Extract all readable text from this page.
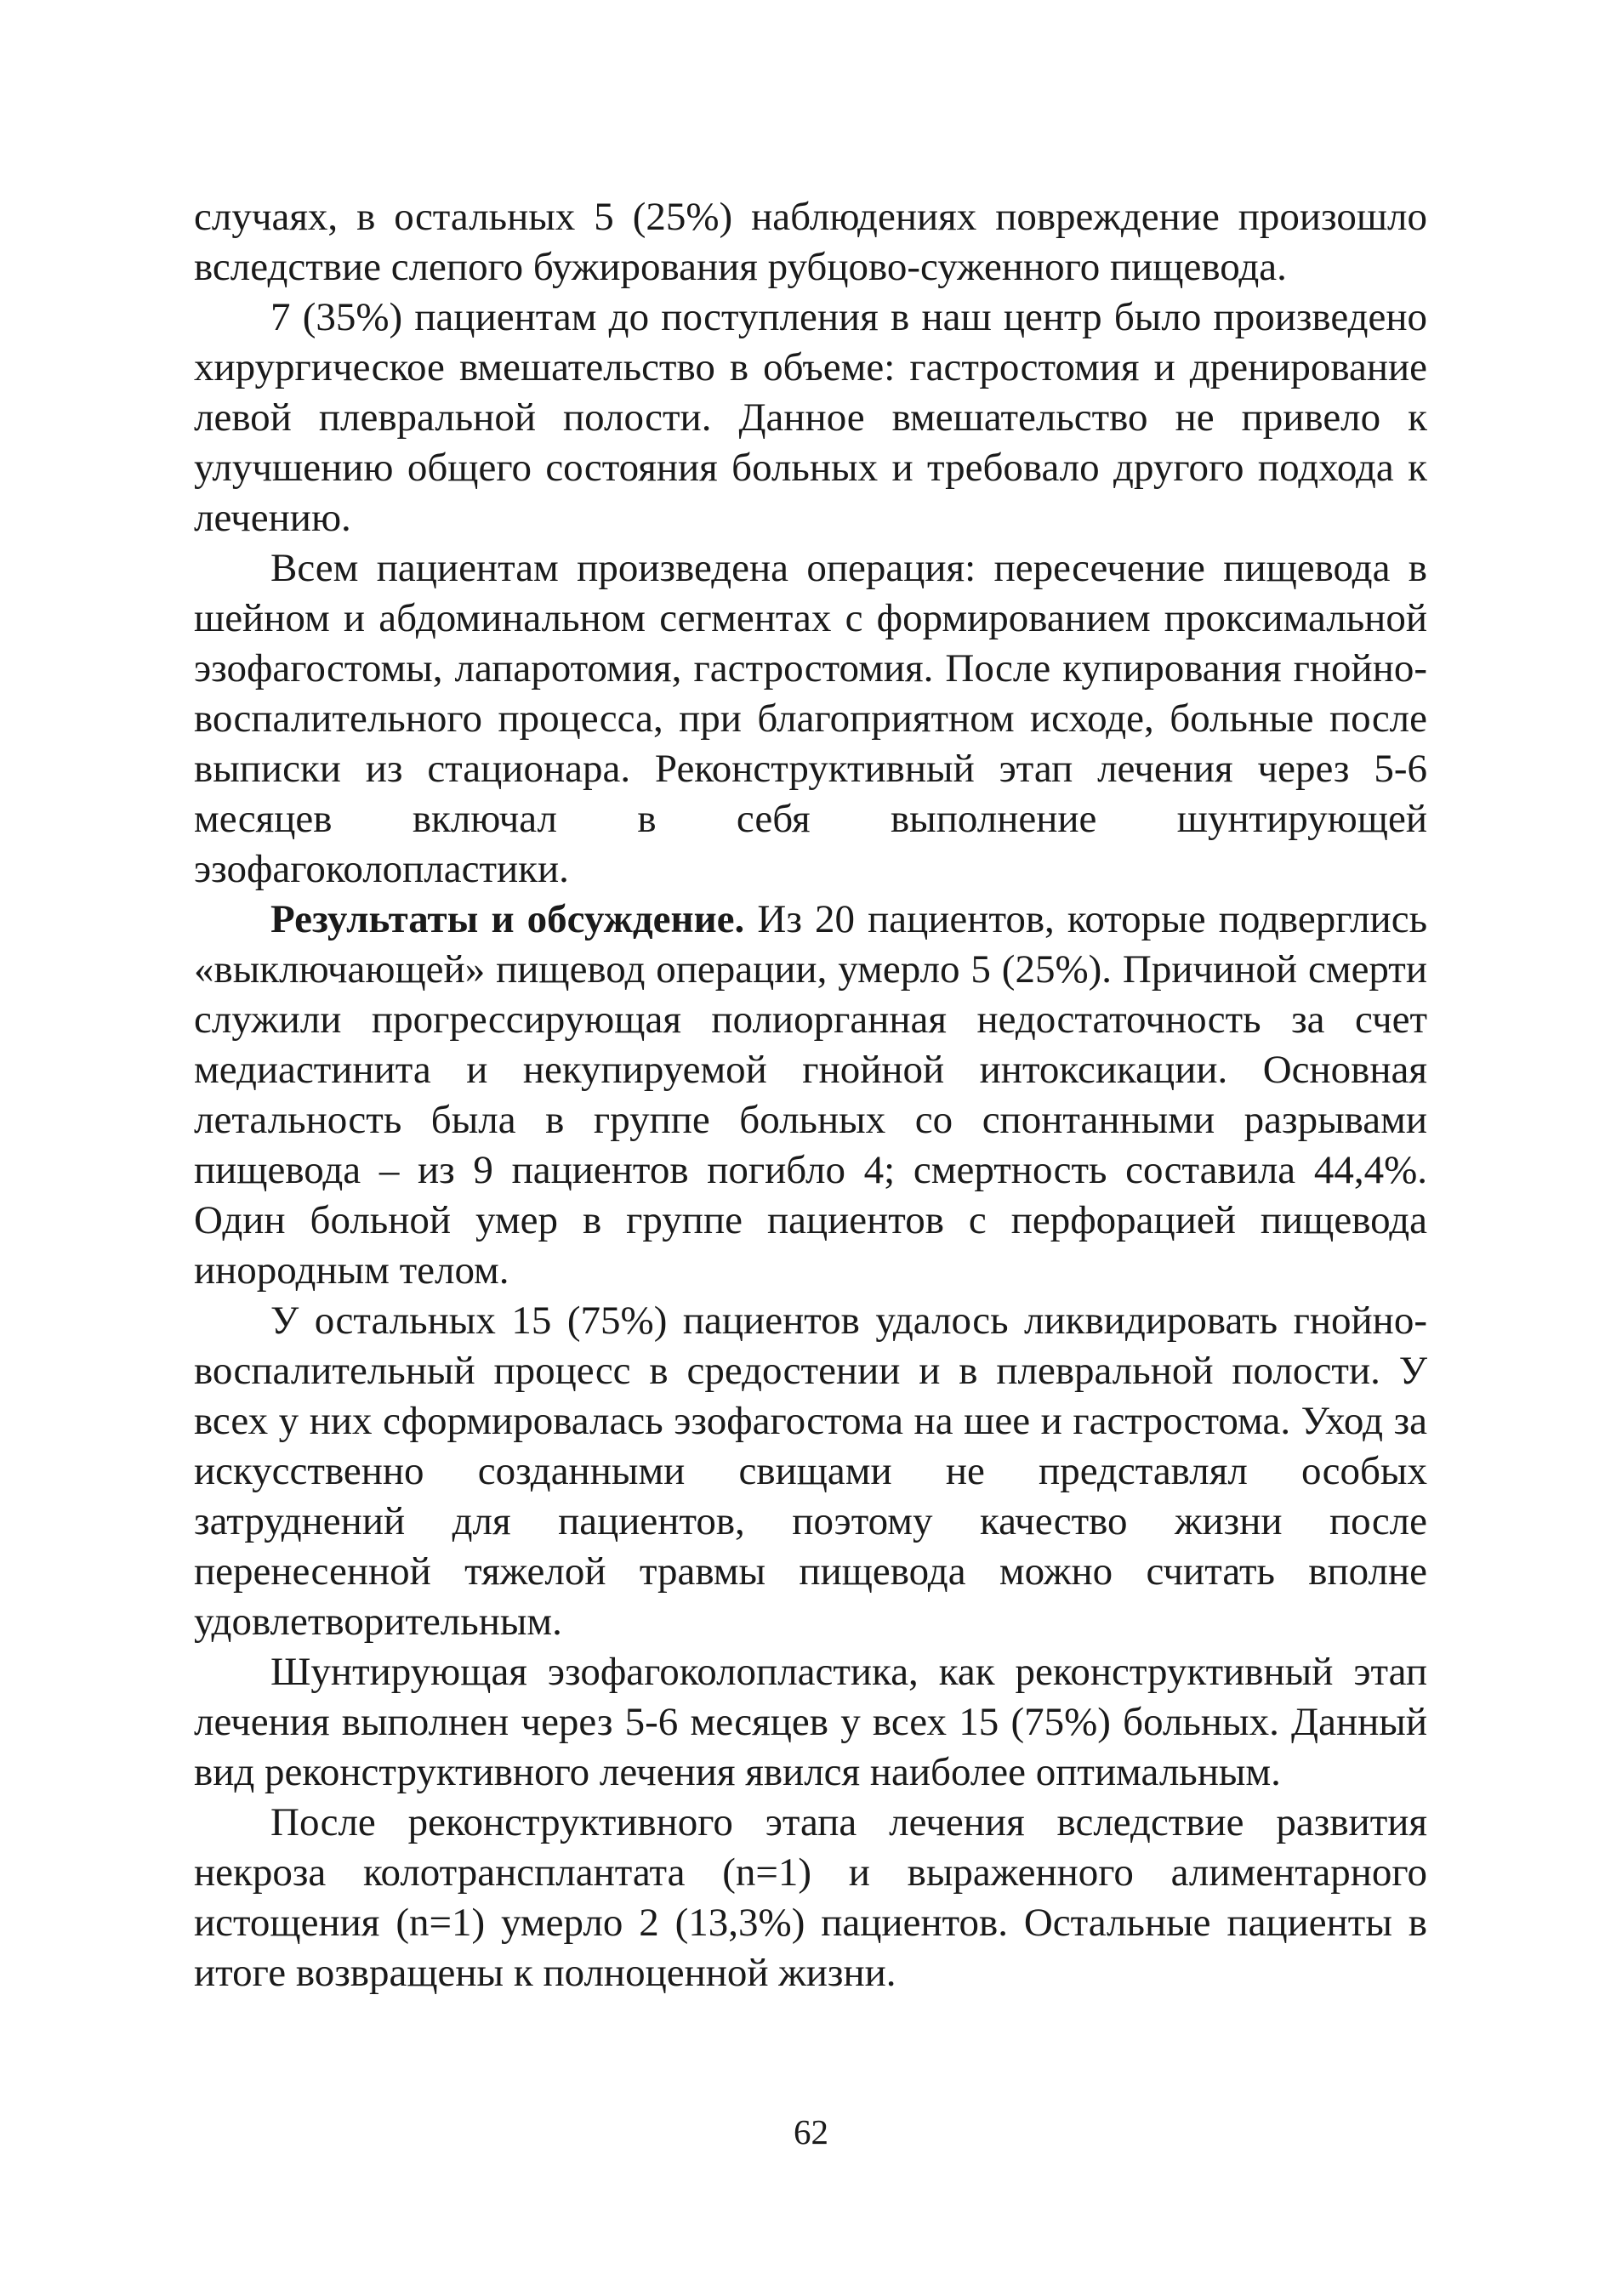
случаях, в остальных 5 (25%) наблюдениях повреждение произошло вследствие слепого бужирования рубцово-суженного пищевода.

7 (35%) пациентам до поступления в наш центр было произведено хирургическое вмешательство в объеме: гастростомия и дренирование левой плевральной полости. Данное вмешательство не привело к улучшению общего состояния больных и требовало другого подхода к лечению.

Всем пациентам произведена операция: пересечение пищевода в шейном и абдоминальном сегментах с формированием проксимальной эзофагостомы, лапаротомия, гастростомия. После купирования гнойно-воспалительного процесса, при благоприятном исходе, больные после выписки из стационара. Реконструктивный этап лечения через 5-6 месяцев включал в себя выполнение шунтирующей эзофагоколопластики.

Результаты и обсуждение. Из 20 пациентов, которые подверглись «выключающей» пищевод операции, умерло 5 (25%). Причиной смерти служили прогрессирующая полиорганная недостаточность за счет медиастинита и некупируемой гнойной интоксикации. Основная летальность была в группе больных со спонтанными разрывами пищевода – из 9 пациентов погибло 4; смертность составила 44,4%. Один больной умер в группе пациентов с перфорацией пищевода инородным телом.

У остальных 15 (75%) пациентов удалось ликвидировать гнойно-воспалительный процесс в средостении и в плевральной полости. У всех у них сформировалась эзофагостома на шее и гастростома. Уход за искусственно созданными свищами не представлял особых затруднений для пациентов, поэтому качество жизни после перенесенной тяжелой травмы пищевода можно считать вполне удовлетворительным.

Шунтирующая эзофагоколопластика, как реконструктивный этап лечения выполнен через 5-6 месяцев у всех 15 (75%) больных. Данный вид реконструктивного лечения явился наиболее оптимальным.

После реконструктивного этапа лечения вследствие развития некроза колотрансплантата (n=1) и выраженного алиментарного истощения (n=1) умерло 2 (13,3%) пациентов. Остальные пациенты в итоге возвращены к полноценной жизни.

62
